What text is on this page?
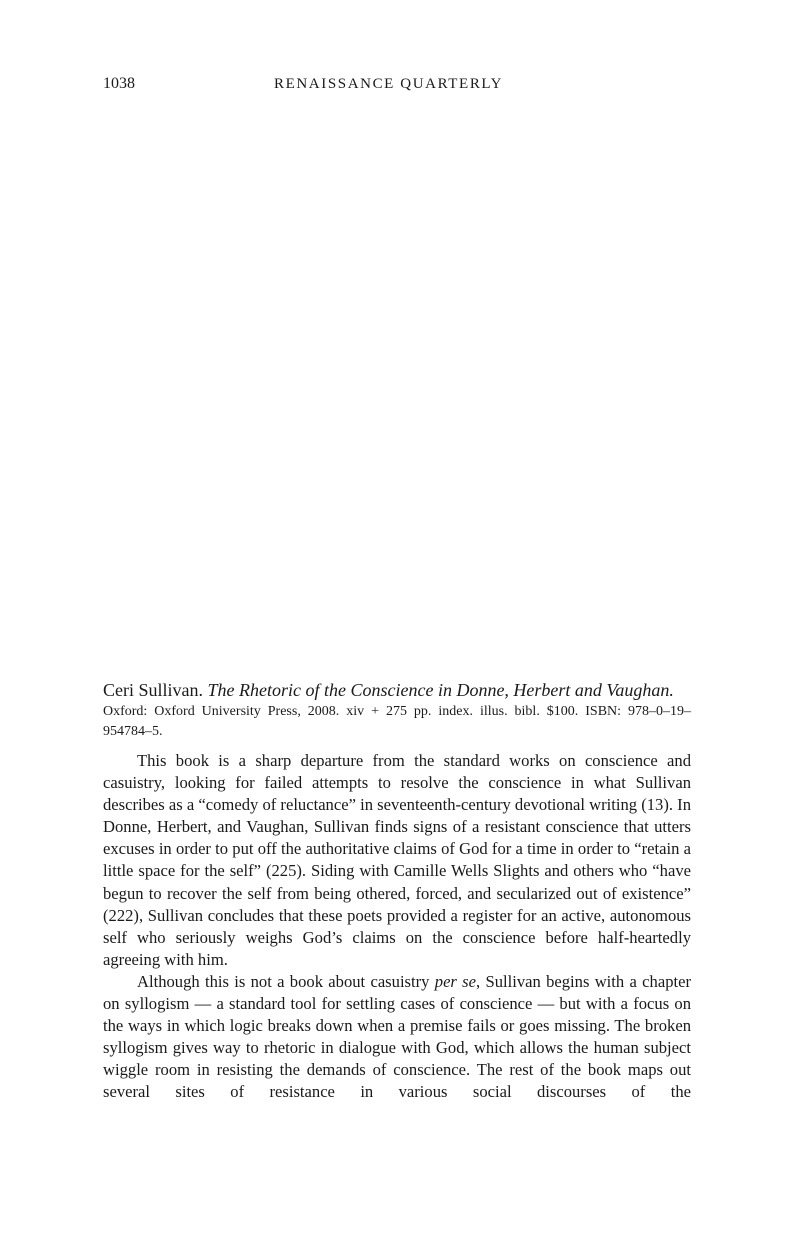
1038	RENAISSANCE QUARTERLY
Ceri Sullivan. The Rhetoric of the Conscience in Donne, Herbert and Vaughan.
Oxford: Oxford University Press, 2008. xiv + 275 pp. index. illus. bibl. $100. ISBN: 978–0–19–954784–5.

This book is a sharp departure from the standard works on conscience and casuistry, looking for failed attempts to resolve the conscience in what Sullivan describes as a “comedy of reluctance” in seventeenth-century devotional writing (13). In Donne, Herbert, and Vaughan, Sullivan finds signs of a resistant conscience that utters excuses in order to put off the authoritative claims of God for a time in order to “retain a little space for the self” (225). Siding with Camille Wells Slights and others who “have begun to recover the self from being othered, forced, and secularized out of existence” (222), Sullivan concludes that these poets provided a register for an active, autonomous self who seriously weighs God’s claims on the conscience before half-heartedly agreeing with him.

Although this is not a book about casuistry per se, Sullivan begins with a chapter on syllogism — a standard tool for settling cases of conscience — but with a focus on the ways in which logic breaks down when a premise fails or goes missing. The broken syllogism gives way to rhetoric in dialogue with God, which allows the human subject wiggle room in resisting the demands of conscience. The rest of the book maps out several sites of resistance in various social discourses of the
